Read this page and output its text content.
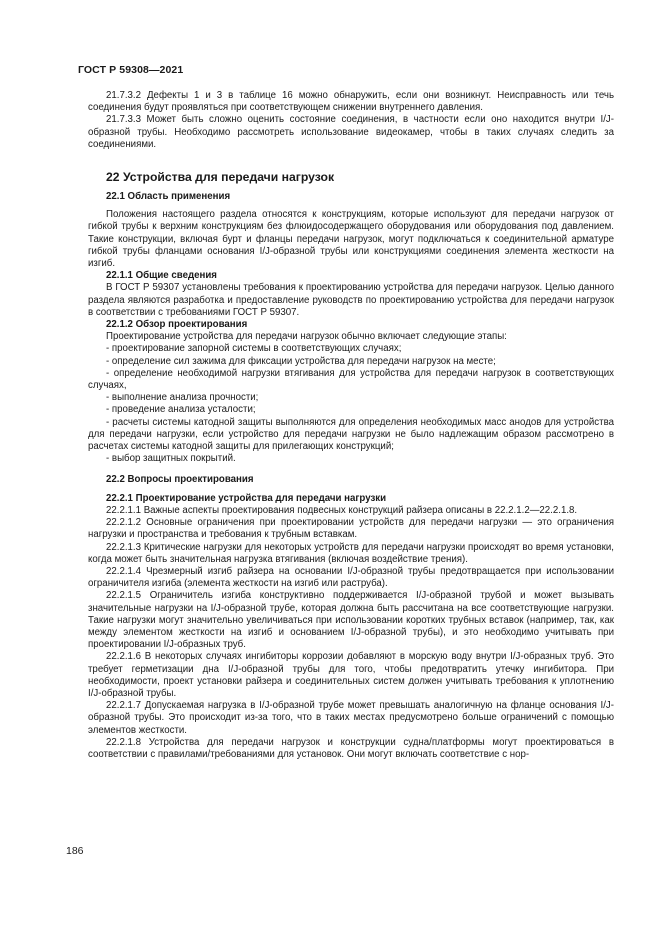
ГОСТ Р 59308—2021

21.7.3.2 Дефекты 1 и 3 в таблице 16 можно обнаружить, если они возникнут. Неисправность или течь соединения будут проявляться при соответствующем снижении внутреннего давления.

21.7.3.3 Может быть сложно оценить состояние соединения, в частности если оно находится внутри I/J-образной трубы. Необходимо рассмотреть использование видеокамер, чтобы в таких случаях следить за соединениями.

22 Устройства для передачи нагрузок

22.1 Область применения

Положения настоящего раздела относятся к конструкциям, которые используют для передачи нагрузок от гибкой трубы к верхним конструкциям без флюидосодержащего оборудования или оборудования под давлением. Такие конструкции, включая бурт и фланцы передачи нагрузок, могут подключаться к соединительной арматуре гибкой трубы фланцами основания I/J-образной трубы или конструкциями соединения элемента жесткости на изгиб.

22.1.1 Общие сведения

В ГОСТ Р 59307 установлены требования к проектированию устройства для передачи нагрузок. Целью данного раздела являются разработка и предоставление руководств по проектированию устройства для передачи нагрузок в соответствии с требованиями ГОСТ Р 59307.

22.1.2 Обзор проектирования

Проектирование устройства для передачи нагрузок обычно включает следующие этапы:

- проектирование запорной системы в соответствующих случаях;

- определение сил зажима для фиксации устройства для передачи нагрузок на месте;

- определение необходимой нагрузки втягивания для устройства для передачи нагрузок в соответствующих случаях,

- выполнение анализа прочности;

- проведение анализа усталости;

- расчеты системы катодной защиты выполняются для определения необходимых масс анодов для устройства для передачи нагрузки, если устройство для передачи нагрузки не было надлежащим образом рассмотрено в расчетах системы катодной защиты для прилегающих конструкций;

- выбор защитных покрытий.

22.2 Вопросы проектирования

22.2.1 Проектирование устройства для передачи нагрузки

22.2.1.1 Важные аспекты проектирования подвесных конструкций райзера описаны в 22.2.1.2—22.2.1.8.

22.2.1.2 Основные ограничения при проектировании устройств для передачи нагрузки — это ограничения нагрузки и пространства и требования к трубным вставкам.

22.2.1.3 Критические нагрузки для некоторых устройств для передачи нагрузки происходят во время установки, когда может быть значительная нагрузка втягивания (включая воздействие трения).

22.2.1.4 Чрезмерный изгиб райзера на основании I/J-образной трубы предотвращается при использовании ограничителя изгиба (элемента жесткости на изгиб или раструба).

22.2.1.5 Ограничитель изгиба конструктивно поддерживается I/J-образной трубой и может вызывать значительные нагрузки на I/J-образной трубе, которая должна быть рассчитана на все соответствующие нагрузки. Такие нагрузки могут значительно увеличиваться при использовании коротких трубных вставок (например, так, как между элементом жесткости на изгиб и основанием I/J-образной трубы), и это необходимо учитывать при проектировании I/J-образных труб.

22.2.1.6 В некоторых случаях ингибиторы коррозии добавляют в морскую воду внутри I/J-образных труб. Это требует герметизации дна I/J-образной трубы для того, чтобы предотвратить утечку ингибитора. При необходимости, проект установки райзера и соединительных систем должен учитывать требования к уплотнению I/J-образной трубы.

22.2.1.7 Допускаемая нагрузка в I/J-образной трубе может превышать аналогичную на фланце основания I/J-образной трубы. Это происходит из-за того, что в таких местах предусмотрено больше ограничений с помощью элементов жесткости.

22.2.1.8 Устройства для передачи нагрузок и конструкции судна/платформы могут проектироваться в соответствии с правилами/требованиями для установок. Они могут включать соответствие с нор-

186
